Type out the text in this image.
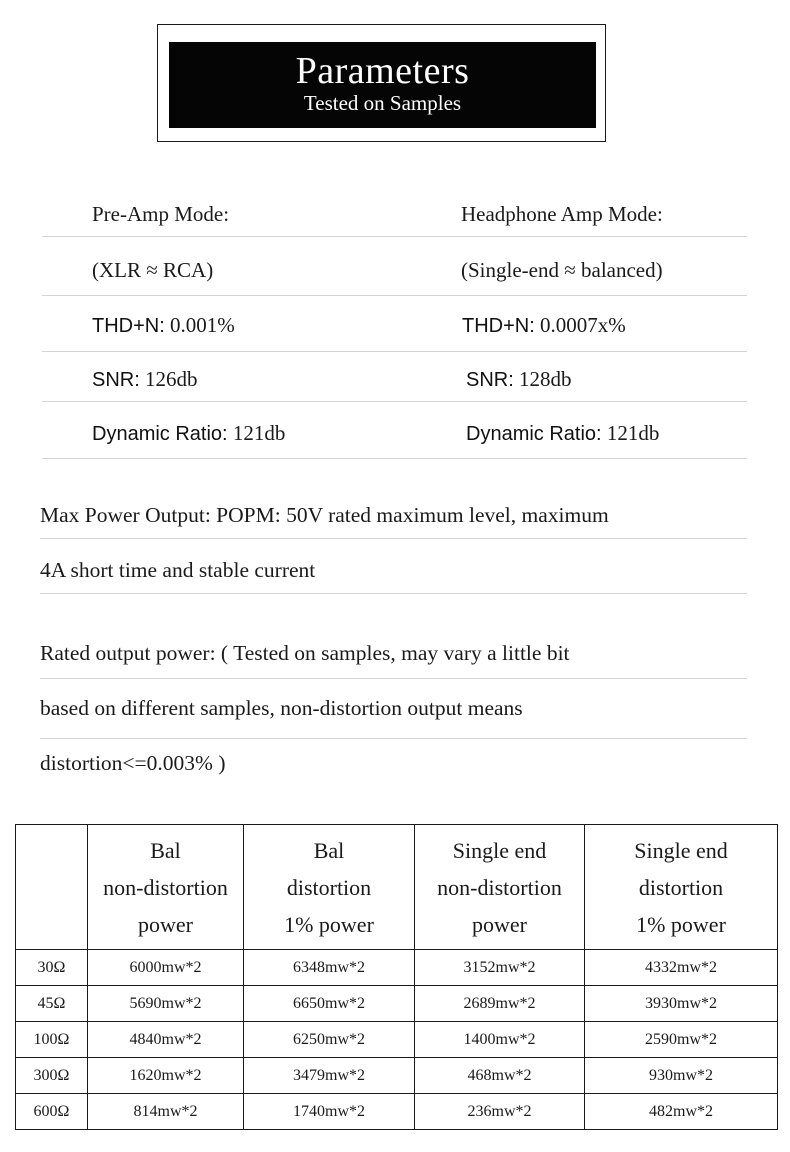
Parameters
Tested on Samples
Pre-Amp Mode:	Headphone Amp Mode:
(XLR ≈ RCA)	(Single-end ≈ balanced)
THD+N: 0.001%	THD+N: 0.0007x%
SNR: 126db	SNR: 128db
Dynamic Ratio: 121db	Dynamic Ratio: 121db
Max Power Output: POPM: 50V rated maximum level, maximum
4A short time and stable current
Rated output power: ( Tested on samples, may vary a little bit
based on different samples, non-distortion output means
distortion<=0.003% )
	Bal
non-distortion
power	Bal
distortion
1% power	Single end
non-distortion
power	Single end
distortion
1% power
30Ω	6000mw*2	6348mw*2	3152mw*2	4332mw*2
45Ω	5690mw*2	6650mw*2	2689mw*2	3930mw*2
100Ω	4840mw*2	6250mw*2	1400mw*2	2590mw*2
300Ω	1620mw*2	3479mw*2	468mw*2	930mw*2
600Ω	814mw*2	1740mw*2	236mw*2	482mw*2
